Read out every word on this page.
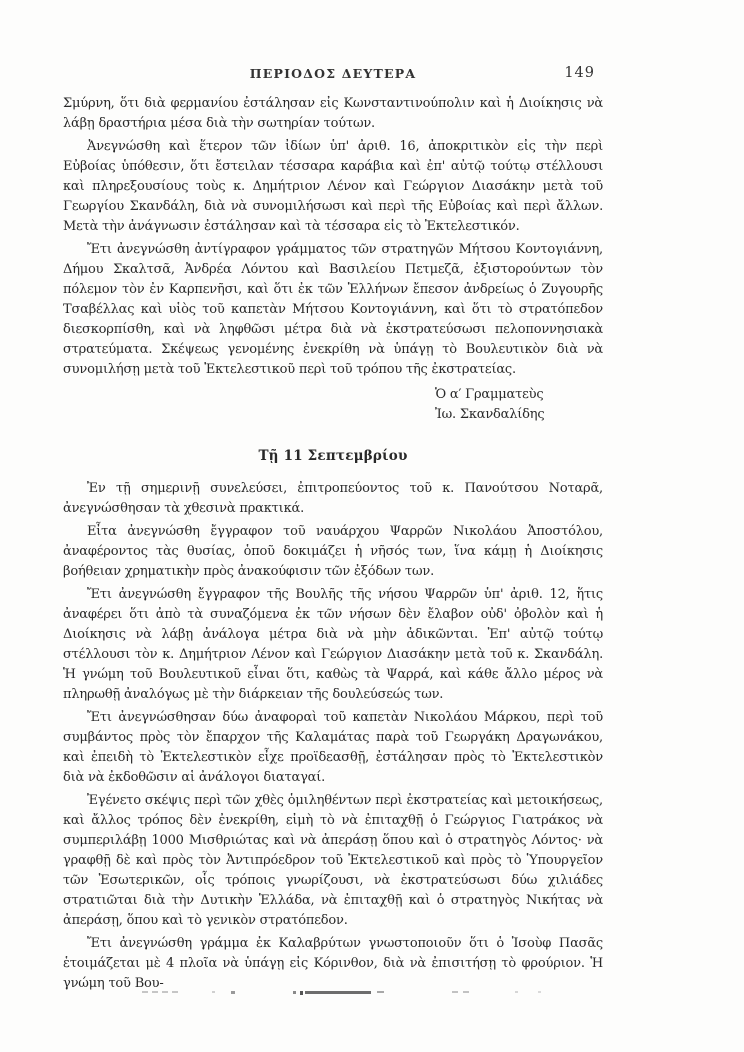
ΠΕΡΙΟΔΟΣ ΔΕΥΤΕΡΑ	149

Σμύρνη, ὅτι διὰ φερμανίου ἐστάλησαν εἰς Κωνσταντινούπολιν καὶ ἡ Διοίκησις νὰ λάβῃ δραστήρια μέσα διὰ τὴν σωτηρίαν τούτων.

Ἀνεγνώσθη καὶ ἕτερον τῶν ἰδίων ὑπ' ἀριθ. 16, ἀποκριτικὸν εἰς τὴν περὶ Εὐβοίας ὑπόθεσιν, ὅτι ἔστειλαν τέσσαρα καράβια καὶ ἐπ' αὐτῷ τούτῳ στέλλουσι καὶ πληρεξουσίους τοὺς κ. Δημήτριον Λένον καὶ Γεώργιον Διασάκην μετὰ τοῦ Γεωργίου Σκανδάλη, διὰ νὰ συνομιλήσωσι καὶ περὶ τῆς Εὐβοίας καὶ περὶ ἄλλων. Μετὰ τὴν ἀνάγνωσιν ἐστάλησαν καὶ τὰ τέσσαρα εἰς τὸ Ἐκτελεστικόν.

Ἔτι ἀνεγνώσθη ἀντίγραφον γράμματος τῶν στρατηγῶν Μήτσου Κοντογιάννη, Δήμου Σκαλτσᾶ, Ἀνδρέα Λόντου καὶ Βασιλείου Πετμεζᾶ, ἐξιστορούντων τὸν πόλεμον τὸν ἐν Καρπενῆσι, καὶ ὅτι ἐκ τῶν Ἑλλήνων ἔπεσον ἀνδρείως ὁ Ζυγουρῆς Τσαβέλλας καὶ υἱὸς τοῦ καπετὰν Μήτσου Κοντογιάννη, καὶ ὅτι τὸ στρατόπεδον διεσκορπίσθη, καὶ νὰ ληφθῶσι μέτρα διὰ νὰ ἐκστρατεύσωσι πελοποννησιακὰ στρατεύματα. Σκέψεως γενομένης ἐνεκρίθη νὰ ὑπάγῃ τὸ Βουλευτικὸν διὰ νὰ συνομιλήσῃ μετὰ τοῦ Ἐκτελεστικοῦ περὶ τοῦ τρόπου τῆς ἐκστρατείας.

Ὁ α′ Γραμματεὺς
Ἰω. Σκανδαλίδης
Τῇ 11 Σεπτεμβρίου

Ἐν τῇ σημερινῇ συνελεύσει, ἐπιτροπεύοντος τοῦ κ. Πανούτσου Νοταρᾶ, ἀνεγνώσθησαν τὰ χθεσινὰ πρακτικά.

Εἶτα ἀνεγνώσθη ἔγγραφον τοῦ ναυάρχου Ψαρρῶν Νικολάου Ἀποστόλου, ἀναφέροντος τὰς θυσίας, ὁποῦ δοκιμάζει ἡ νῆσός των, ἵνα κάμῃ ἡ Διοίκησις βοήθειαν χρηματικὴν πρὸς ἀνακούφισιν τῶν ἐξόδων των.

Ἔτι ἀνεγνώσθη ἔγγραφον τῆς Βουλῆς τῆς νήσου Ψαρρῶν ὑπ' ἀριθ. 12, ἥτις ἀναφέρει ὅτι ἀπὸ τὰ συναζόμενα ἐκ τῶν νήσων δὲν ἔλαβον οὐδ' ὀβολὸν καὶ ἡ Διοίκησις νὰ λάβῃ ἀνάλογα μέτρα διὰ νὰ μὴν ἀδικῶνται. Ἐπ' αὐτῷ τούτῳ στέλλουσι τὸν κ. Δημήτριον Λένον καὶ Γεώργιον Διασάκην μετὰ τοῦ κ. Σκανδάλη. Ἡ γνώμη τοῦ Βουλευτικοῦ εἶναι ὅτι, καθὼς τὰ Ψαρρά, καὶ κάθε ἄλλο μέρος νὰ πληρωθῇ ἀναλόγως μὲ τὴν διάρκειαν τῆς δουλεύσεώς των.

Ἔτι ἀνεγνώσθησαν δύω ἀναφοραὶ τοῦ καπετὰν Νικολάου Μάρκου, περὶ τοῦ συμβάντος πρὸς τὸν ἔπαρχον τῆς Καλαμάτας παρὰ τοῦ Γεωργάκη Δραγωνάκου, καὶ ἐπειδὴ τὸ Ἐκτελεστικὸν εἶχε προϊδεασθῇ, ἐστάλησαν πρὸς τὸ Ἐκτελεστικὸν διὰ νὰ ἐκδοθῶσιν αἱ ἀνάλογοι διαταγαί.

Ἐγένετο σκέψις περὶ τῶν χθὲς ὁμιληθέντων περὶ ἐκστρατείας καὶ μετοικήσεως, καὶ ἄλλος τρόπος δὲν ἐνεκρίθη, εἰμὴ τὸ νὰ ἐπιταχθῇ ὁ Γεώργιος Γιατράκος νὰ συμπεριλάβῃ 1000 Μισθριώτας καὶ νὰ ἀπεράσῃ ὅπου καὶ ὁ στρατηγὸς Λόντος· νὰ γραφθῇ δὲ καὶ πρὸς τὸν Ἀντιπρόεδρον τοῦ Ἐκτελεστικοῦ καὶ πρὸς τὸ Ὑπουργεῖον τῶν Ἐσωτερικῶν, οἷς τρόποις γνωρίζουσι, νὰ ἐκστρατεύσωσι δύω χιλιάδες στρατιῶται διὰ τὴν Δυτικὴν Ἑλλάδα, νὰ ἐπιταχθῇ καὶ ὁ στρατηγὸς Νικήτας νὰ ἀπεράσῃ, ὅπου καὶ τὸ γενικὸν στρατόπεδον.

Ἔτι ἀνεγνώσθη γράμμα ἐκ Καλαβρύτων γνωστοποιοῦν ὅτι ὁ Ἰσοὺφ Πασᾶς ἑτοιμάζεται μὲ 4 πλοῖα νὰ ὑπάγῃ εἰς Κόρινθον, διὰ νὰ ἐπισιτήσῃ τὸ φρούριον. Ἡ γνώμη τοῦ Βου-
